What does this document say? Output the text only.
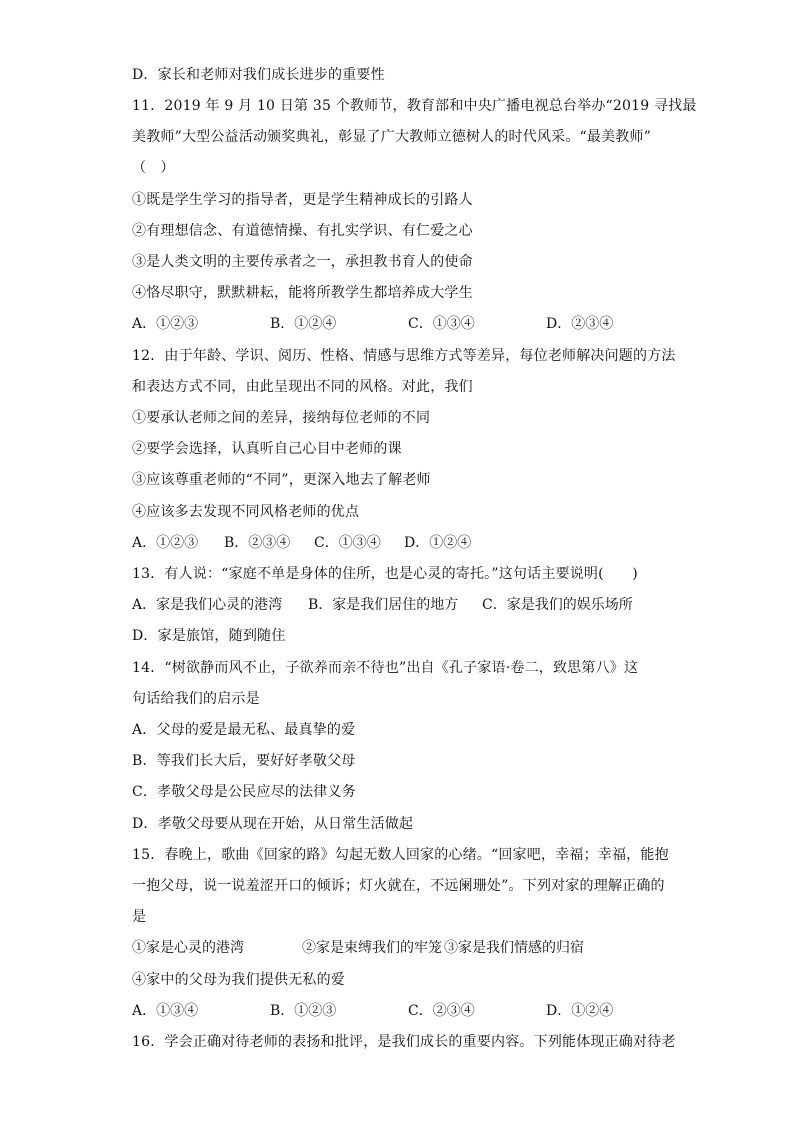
D．家长和老师对我们成长进步的重要性
11．2019 年 9 月 10 日第 35 个教师节，教育部和中央广播电视总台举办“2019 寻找最
美教师”大型公益活动颁奖典礼，彰显了广大教师立德树人的时代风采。“最美教师”
（　）
①既是学生学习的指导者，更是学生精神成长的引路人
②有理想信念、有道德情操、有扎实学识、有仁爱之心
③是人类文明的主要传承者之一，承担教书育人的使命
④恪尽职守，默默耕耘，能将所教学生都培养成大学生
A．①②③	B．①②④	C．①③④	D．②③④
12．由于年龄、学识、阅历、性格、情感与思维方式等差异，每位老师解决问题的方法
和表达方式不同，由此呈现出不同的风格。对此，我们
①要承认老师之间的差异，接纳每位老师的不同
②要学会选择，认真听自己心目中老师的课
③应该尊重老师的“不同”，更深入地去了解老师
④应该多去发现不同风格老师的优点
A．①②③ B．②③④ C．①③④ D．①②④
13．有人说：“家庭不单是身体的住所，也是心灵的寄托。”这句话主要说明(　　)
A．家是我们心灵的港湾 B．家是我们居住的地方 C．家是我们的娱乐场所
D．家是旅馆，随到随住
14．“树欲静而风不止，子欲养而亲不待也”出自《孔子家语·卷二，致思第八》这
句话给我们的启示是
A．父母的爱是最无私、最真挚的爱
B．等我们长大后，要好好孝敬父母
C．孝敬父母是公民应尽的法律义务
D．孝敬父母要从现在开始，从日常生活做起
15．春晚上，歌曲《回家的路》勾起无数人回家的心绪。“回家吧，幸福；幸福，能抱
一抱父母，说一说羞涩开口的倾诉；灯火就在，不远阑珊处”。下列对家的理解正确的
是
①家是心灵的港湾	②家是束缚我们的牢笼 ③家是我们情感的归宿
④家中的父母为我们提供无私的爱
A．①③④	B．①②③	C．②③④	D．①②④
16．学会正确对待老师的表扬和批评，是我们成长的重要内容。下列能体现正确对待老
